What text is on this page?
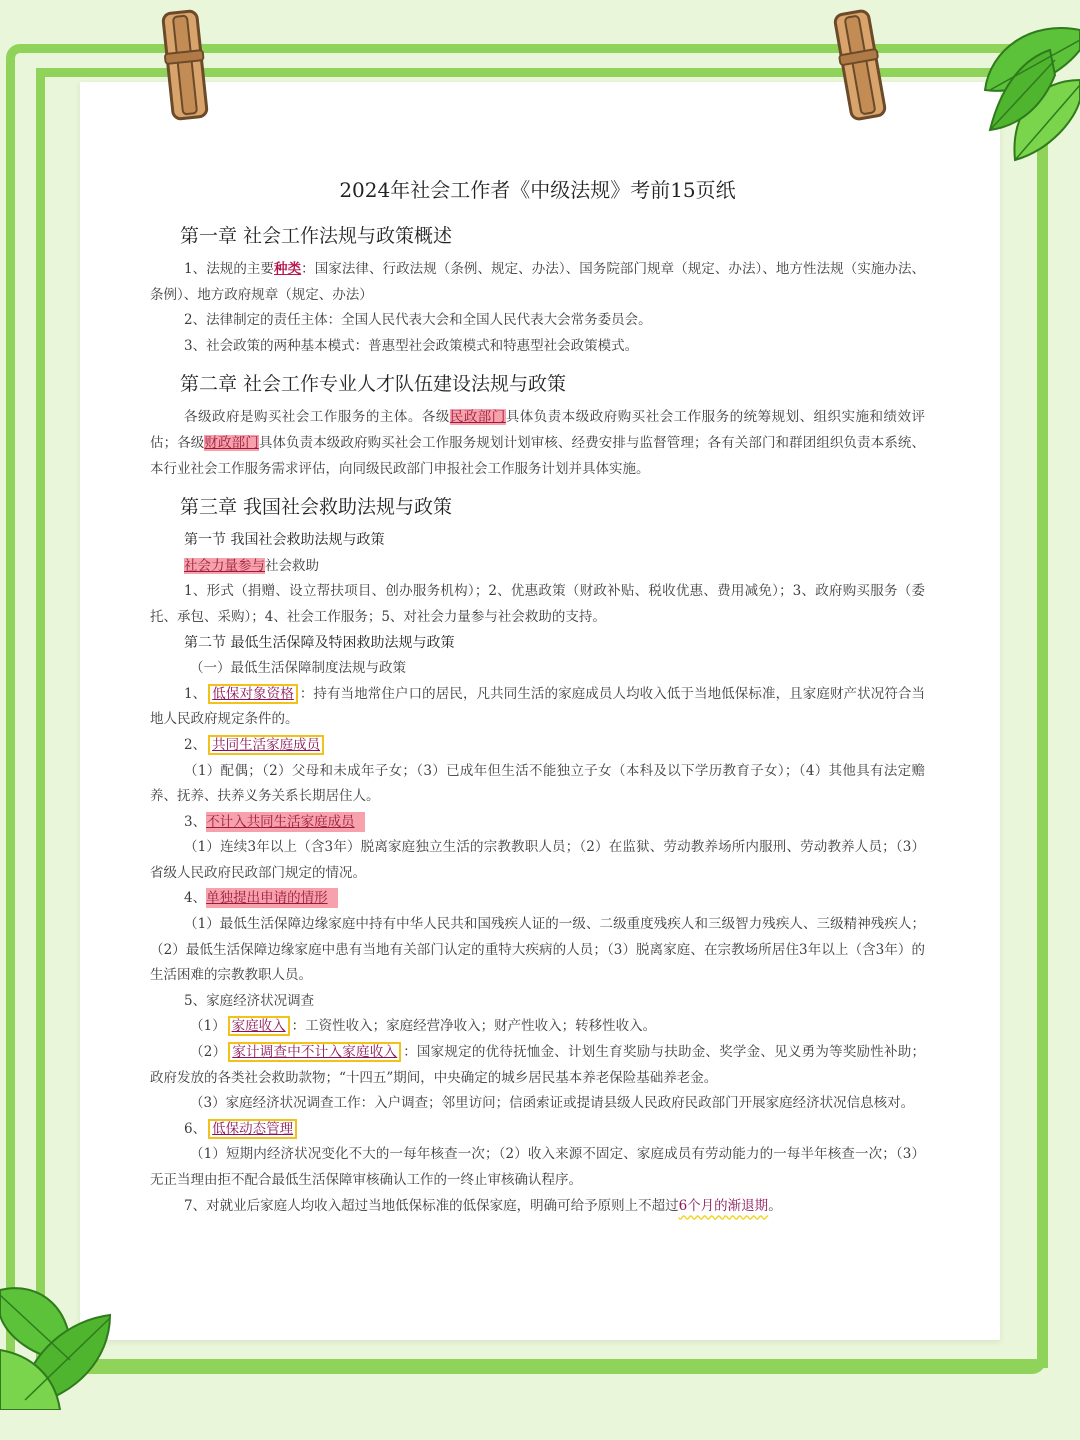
2024年社会工作者《中级法规》考前15页纸
第一章 社会工作法规与政策概述

1、法规的主要种类：国家法律、行政法规（条例、规定、办法）、国务院部门规章（规定、办法）、地方性法规（实施办法、条例）、地方政府规章（规定、办法）

2、法律制定的责任主体：全国人民代表大会和全国人民代表大会常务委员会。

3、社会政策的两种基本模式：普惠型社会政策模式和特惠型社会政策模式。

第二章 社会工作专业人才队伍建设法规与政策

各级政府是购买社会工作服务的主体。各级民政部门具体负责本级政府购买社会工作服务的统筹规划、组织实施和绩效评估；各级财政部门具体负责本级政府购买社会工作服务规划计划审核、经费安排与监督管理；各有关部门和群团组织负责本系统、本行业社会工作服务需求评估，向同级民政部门申报社会工作服务计划并具体实施。

第三章 我国社会救助法规与政策
第一节 我国社会救助法规与政策

社会力量参与社会救助

1、形式（捐赠、设立帮扶项目、创办服务机构）；2、优惠政策（财政补贴、税收优惠、费用减免）；3、政府购买服务（委托、承包、采购）；4、社会工作服务；5、对社会力量参与社会救助的支持。

第二节 最低生活保障及特困救助法规与政策

（一）最低生活保障制度法规与政策

1、 低保对象资格 ：持有当地常住户口的居民，凡共同生活的家庭成员人均收入低于当地低保标准，且家庭财产状况符合当地人民政府规定条件的。

2、 共同生活家庭成员

（1）配偶；（2）父母和未成年子女；（3）已成年但生活不能独立子女（本科及以下学历教育子女）；（4）其他具有法定赡养、抚养、扶养义务关系长期居住人。

3、不计入共同生活家庭成员

（1）连续3年以上（含3年）脱离家庭独立生活的宗教教职人员；（2）在监狱、劳动教养场所内服刑、劳动教养人员；（3）省级人民政府民政部门规定的情况。

4、单独提出申请的情形

（1）最低生活保障边缘家庭中持有中华人民共和国残疾人证的一级、二级重度残疾人和三级智力残疾人、三级精神残疾人；（2）最低生活保障边缘家庭中患有当地有关部门认定的重特大疾病的人员；（3）脱离家庭、在宗教场所居住3年以上（含3年）的生活困难的宗教教职人员。

5、家庭经济状况调查

（1） 家庭收入 ：工资性收入；家庭经营净收入；财产性收入；转移性收入。

（2） 家计调查中不计入家庭收入 ：国家规定的优待抚恤金、计划生育奖励与扶助金、奖学金、见义勇为等奖励性补助；政府发放的各类社会救助款物；“十四五”期间，中央确定的城乡居民基本养老保险基础养老金。

（3）家庭经济状况调查工作：入户调查；邻里访问；信函索证或提请县级人民政府民政部门开展家庭经济状况信息核对。

6、 低保动态管理

（1）短期内经济状况变化不大的一每年核查一次；（2）收入来源不固定、家庭成员有劳动能力的一每半年核查一次；（3）无正当理由拒不配合最低生活保障审核确认工作的一终止审核确认程序。

7、对就业后家庭人均收入超过当地低保标准的低保家庭，明确可给予原则上不超过6个月的渐退期。
